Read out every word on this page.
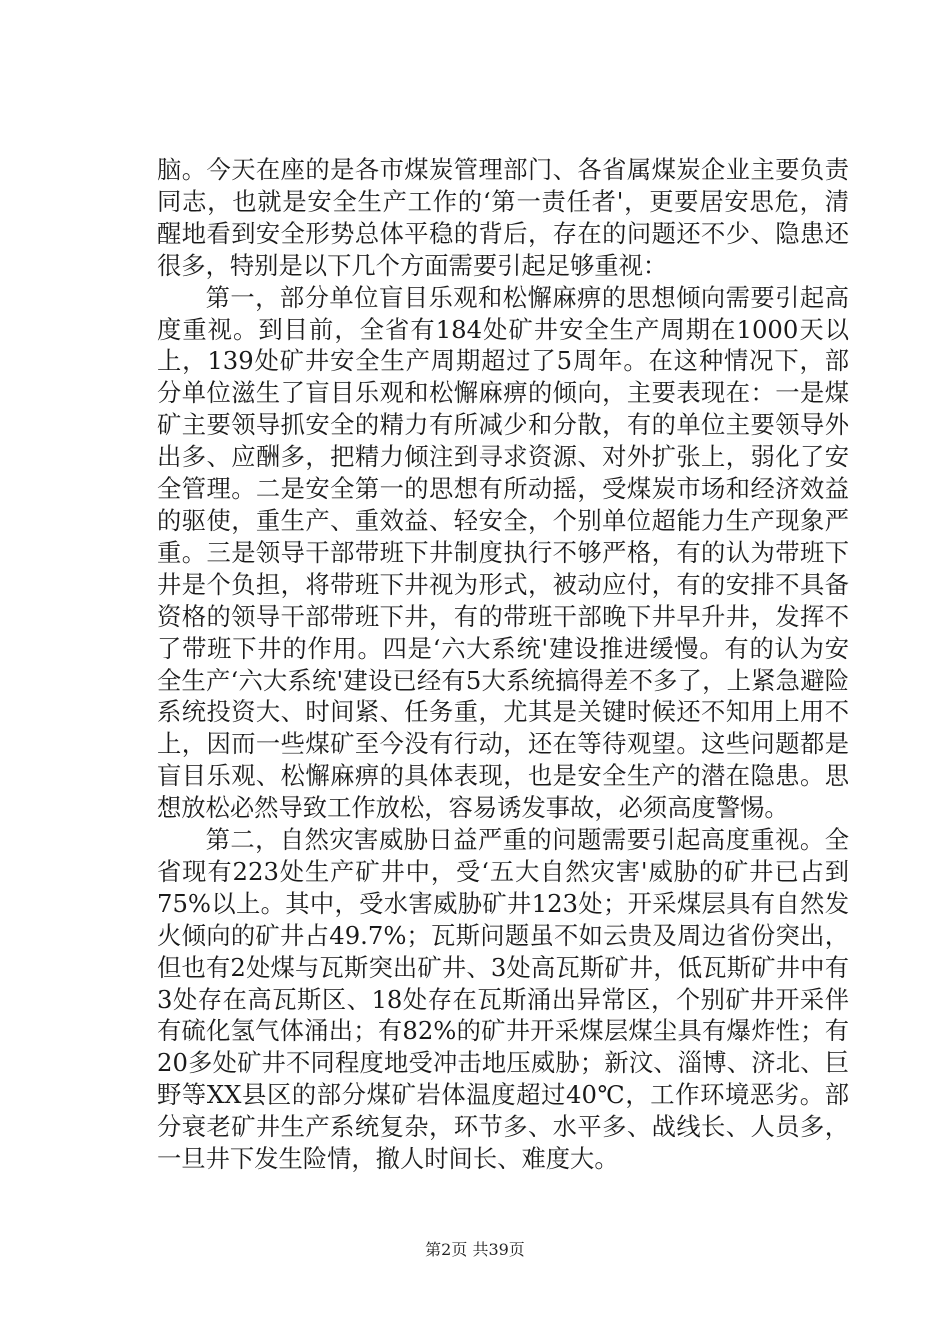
脑。今天在座的是各市煤炭管理部门、各省属煤炭企业主要负责同志，也就是安全生产工作的‘第一责任者'，更要居安思危，清醒地看到安全形势总体平稳的背后，存在的问题还不少、隐患还很多，特别是以下几个方面需要引起足够重视：

第一，部分单位盲目乐观和松懈麻痹的思想倾向需要引起高度重视。到目前，全省有184处矿井安全生产周期在1000天以上，139处矿井安全生产周期超过了5周年。在这种情况下，部分单位滋生了盲目乐观和松懈麻痹的倾向，主要表现在：一是煤矿主要领导抓安全的精力有所减少和分散，有的单位主要领导外出多、应酬多，把精力倾注到寻求资源、对外扩张上，弱化了安全管理。二是安全第一的思想有所动摇，受煤炭市场和经济效益的驱使，重生产、重效益、轻安全，个别单位超能力生产现象严重。三是领导干部带班下井制度执行不够严格，有的认为带班下井是个负担，将带班下井视为形式，被动应付，有的安排不具备资格的领导干部带班下井，有的带班干部晚下井早升井，发挥不了带班下井的作用。四是‘六大系统'建设推进缓慢。有的认为安全生产‘六大系统'建设已经有5大系统搞得差不多了，上紧急避险系统投资大、时间紧、任务重，尤其是关键时候还不知用上用不上，因而一些煤矿至今没有行动，还在等待观望。这些问题都是盲目乐观、松懈麻痹的具体表现，也是安全生产的潜在隐患。思想放松必然导致工作放松，容易诱发事故，必须高度警惕。

第二，自然灾害威胁日益严重的问题需要引起高度重视。全省现有223处生产矿井中，受‘五大自然灾害'威胁的矿井已占到75%以上。其中，受水害威胁矿井123处；开采煤层具有自然发火倾向的矿井占49.7%；瓦斯问题虽不如云贵及周边省份突出，但也有2处煤与瓦斯突出矿井、3处高瓦斯矿井，低瓦斯矿井中有3处存在高瓦斯区、18处存在瓦斯涌出异常区，个别矿井开采伴有硫化氢气体涌出；有82%的矿井开采煤层煤尘具有爆炸性；有20多处矿井不同程度地受冲击地压威胁；新汶、淄博、济北、巨野等XX县区的部分煤矿岩体温度超过40℃，工作环境恶劣。部分衰老矿井生产系统复杂，环节多、水平多、战线长、人员多，一旦井下发生险情，撤人时间长、难度大。

第2页 共39页
